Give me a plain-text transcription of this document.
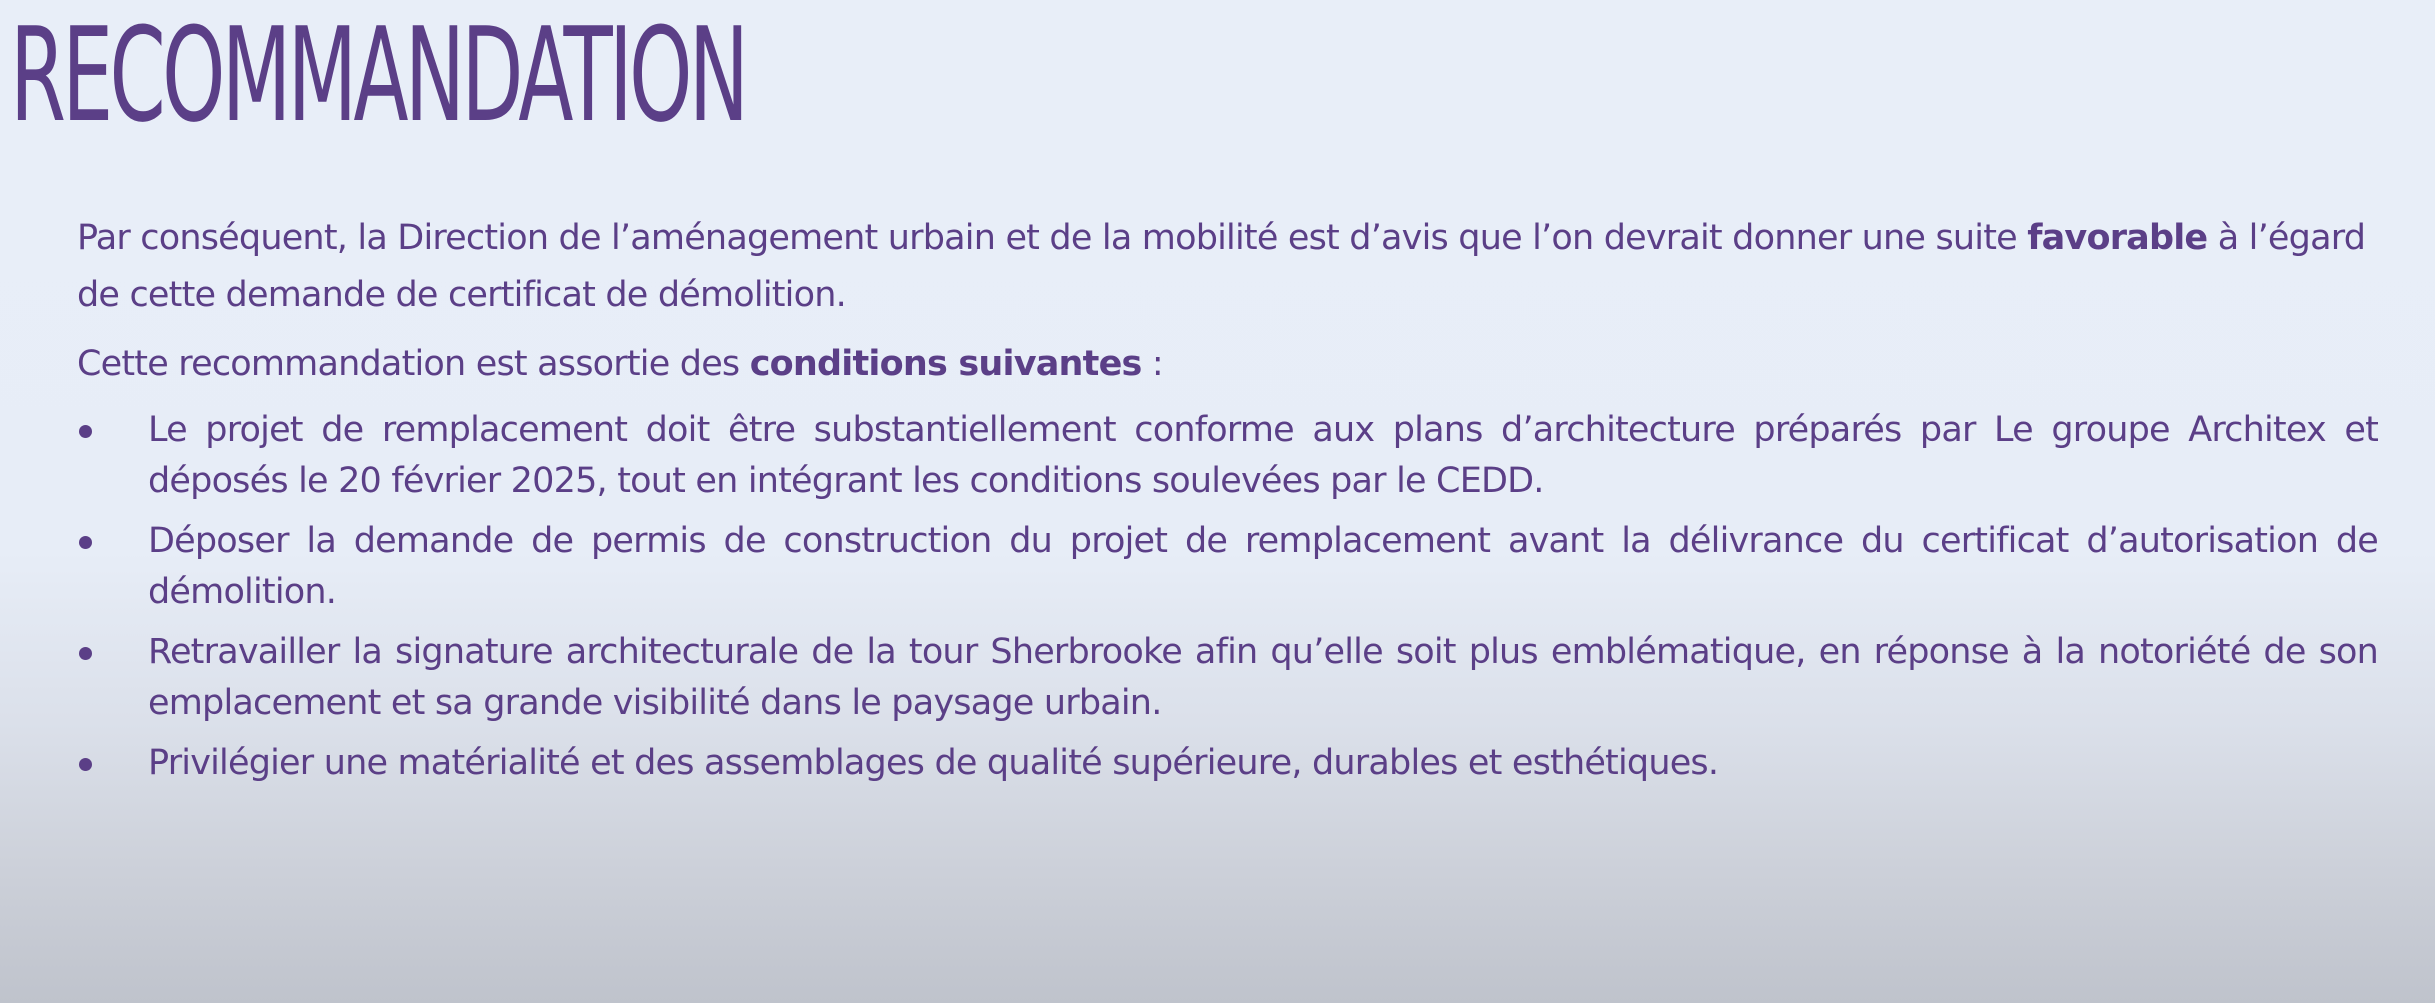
RECOMMANDATION

Par conséquent, la Direction de l’aménagement urbain et de la mobilité est d’avis que l’on devrait donner une suite favorable à l’égard de cette demande de certificat de démolition.

Cette recommandation est assortie des conditions suivantes :

Le projet de remplacement doit être substantiellement conforme aux plans d’architecture préparés par Le groupe Architex et déposés le 20 février 2025, tout en intégrant les conditions soulevées par le CEDD.
Déposer la demande de permis de construction du projet de remplacement avant la délivrance du certificat d’autorisation de démolition.
Retravailler la signature architecturale de la tour Sherbrooke afin qu’elle soit plus emblématique, en réponse à la notoriété de son emplacement et sa grande visibilité dans le paysage urbain.
Privilégier une matérialité et des assemblages de qualité supérieure, durables et esthétiques.
